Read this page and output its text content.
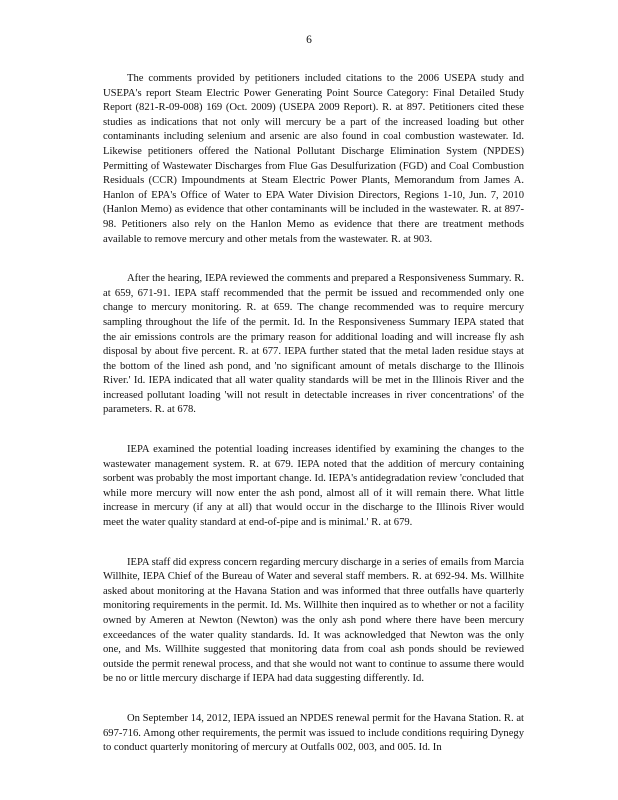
6

The comments provided by petitioners included citations to the 2006 USEPA study and USEPA's report Steam Electric Power Generating Point Source Category: Final Detailed Study Report (821-R-09-008) 169 (Oct. 2009) (USEPA 2009 Report). R. at 897. Petitioners cited these studies as indications that not only will mercury be a part of the increased loading but other contaminants including selenium and arsenic are also found in coal combustion wastewater. Id. Likewise petitioners offered the National Pollutant Discharge Elimination System (NPDES) Permitting of Wastewater Discharges from Flue Gas Desulfurization (FGD) and Coal Combustion Residuals (CCR) Impoundments at Steam Electric Power Plants, Memorandum from James A. Hanlon of EPA's Office of Water to EPA Water Division Directors, Regions 1-10, Jun. 7, 2010 (Hanlon Memo) as evidence that other contaminants will be included in the wastewater. R. at 897-98. Petitioners also rely on the Hanlon Memo as evidence that there are treatment methods available to remove mercury and other metals from the wastewater. R. at 903.

After the hearing, IEPA reviewed the comments and prepared a Responsiveness Summary. R. at 659, 671-91. IEPA staff recommended that the permit be issued and recommended only one change to mercury monitoring. R. at 659. The change recommended was to require mercury sampling throughout the life of the permit. Id. In the Responsiveness Summary IEPA stated that the air emissions controls are the primary reason for additional loading and will increase fly ash disposal by about five percent. R. at 677. IEPA further stated that the metal laden residue stays at the bottom of the lined ash pond, and 'no significant amount of metals discharge to the Illinois River.' Id. IEPA indicated that all water quality standards will be met in the Illinois River and the increased pollutant loading 'will not result in detectable increases in river concentrations' of the parameters. R. at 678.

IEPA examined the potential loading increases identified by examining the changes to the wastewater management system. R. at 679. IEPA noted that the addition of mercury containing sorbent was probably the most important change. Id. IEPA's antidegradation review 'concluded that while more mercury will now enter the ash pond, almost all of it will remain there. What little increase in mercury (if any at all) that would occur in the discharge to the Illinois River would meet the water quality standard at end-of-pipe and is minimal.' R. at 679.

IEPA staff did express concern regarding mercury discharge in a series of emails from Marcia Willhite, IEPA Chief of the Bureau of Water and several staff members. R. at 692-94. Ms. Willhite asked about monitoring at the Havana Station and was informed that three outfalls have quarterly monitoring requirements in the permit. Id. Ms. Willhite then inquired as to whether or not a facility owned by Ameren at Newton (Newton) was the only ash pond where there have been mercury exceedances of the water quality standards. Id. It was acknowledged that Newton was the only one, and Ms. Willhite suggested that monitoring data from coal ash ponds should be reviewed outside the permit renewal process, and that she would not want to continue to assume there would be no or little mercury discharge if IEPA had data suggesting differently. Id.

On September 14, 2012, IEPA issued an NPDES renewal permit for the Havana Station. R. at 697-716. Among other requirements, the permit was issued to include conditions requiring Dynegy to conduct quarterly monitoring of mercury at Outfalls 002, 003, and 005. Id. In
